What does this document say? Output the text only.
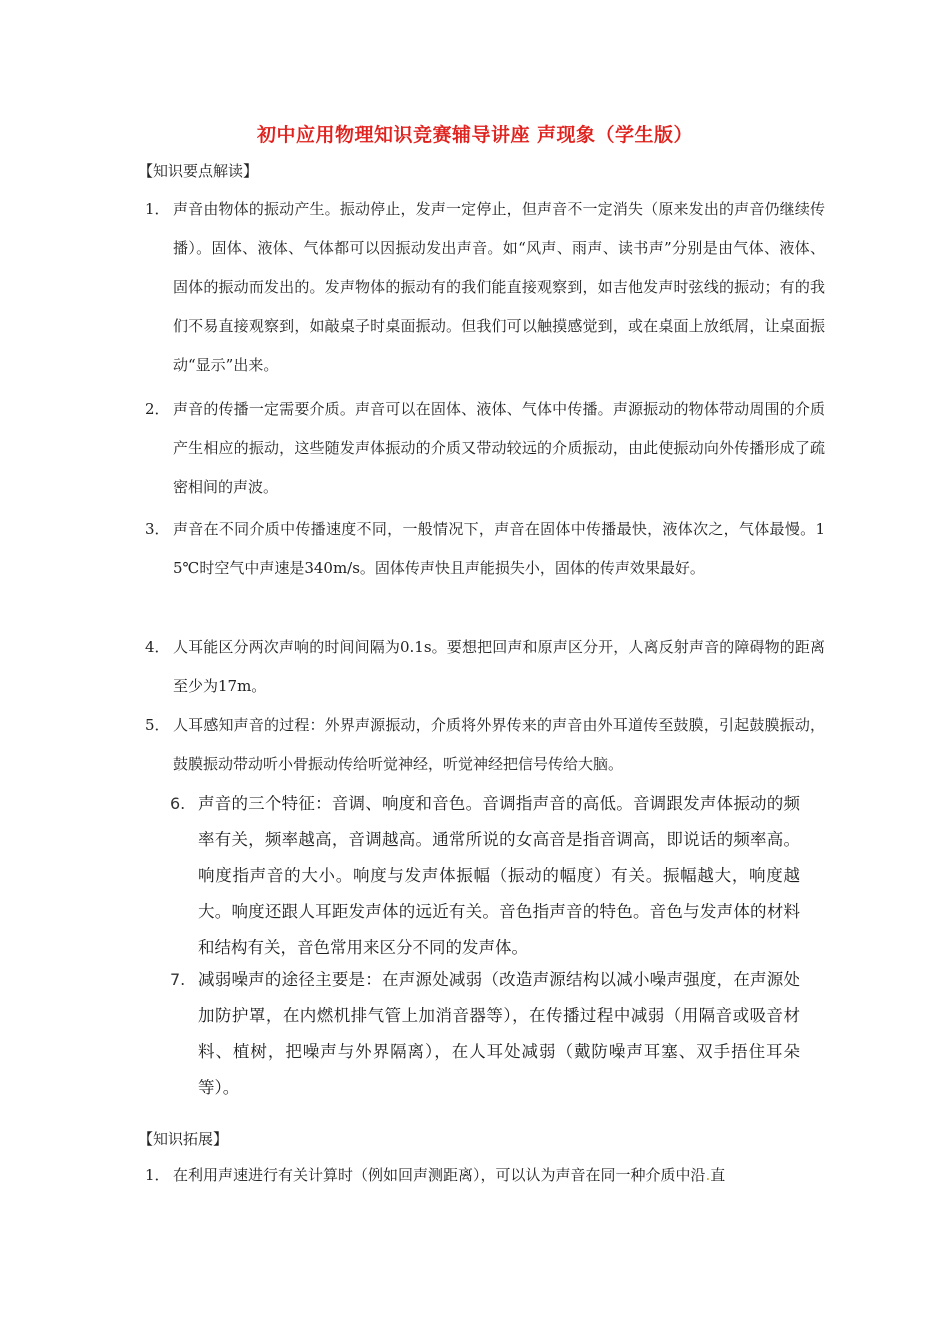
初中应用物理知识竞赛辅导讲座 声现象（学生版）
【知识要点解读】
1． 声音由物体的振动产生。振动停止，发声一定停止，但声音不一定消失（原来发出的声音仍继续传播）。固体、液体、气体都可以因振动发出声音。如“风声、雨声、读书声”分别是由气体、液体、固体的振动而发出的。发声物体的振动有的我们能直接观察到，如吉他发声时弦线的振动；有的我们不易直接观察到，如敲桌子时桌面振动。但我们可以触摸感觉到，或在桌面上放纸屑，让桌面振动“显示”出来。
2． 声音的传播一定需要介质。声音可以在固体、液体、气体中传播。声源振动的物体带动周围的介质产生相应的振动，这些随发声体振动的介质又带动较远的介质振动，由此使振动向外传播形成了疏密相间的声波。
3． 声音在不同介质中传播速度不同，一般情况下，声音在固体中传播最快，液体次之，气体最慢。15℃时空气中声速是340m/s。固体传声快且声能损失小，固体的传声效果最好。
4． 人耳能区分两次声响的时间间隔为0.1s。要想把回声和原声区分开，人离反射声音的障碍物的距离至少为17m。
5． 人耳感知声音的过程：外界声源振动，介质将外界传来的声音由外耳道传至鼓膜，引起鼓膜振动，鼓膜振动带动听小骨振动传给听觉神经，听觉神经把信号传给大脑。
6. 声音的三个特征：音调、响度和音色。音调指声音的高低。音调跟发声体振动的频率有关，频率越高，音调越高。通常所说的女高音是指音调高，即说话的频率高。响度指声音的大小。响度与发声体振幅（振动的幅度）有关。振幅越大，响度越大。响度还跟人耳距发声体的远近有关。音色指声音的特色。音色与发声体的材料和结构有关，音色常用来区分不同的发声体。
7. 减弱噪声的途径主要是：在声源处减弱（改造声源结构以减小噪声强度，在声源处加防护罩，在内燃机排气管上加消音器等），在传播过程中减弱（用隔音或吸音材料、植树，把噪声与外界隔离），在人耳处减弱（戴防噪声耳塞、双手捂住耳朵等）。
【知识拓展】
1． 在利用声速进行有关计算时（例如回声测距离），可以认为声音在同一种介质中沿.直
